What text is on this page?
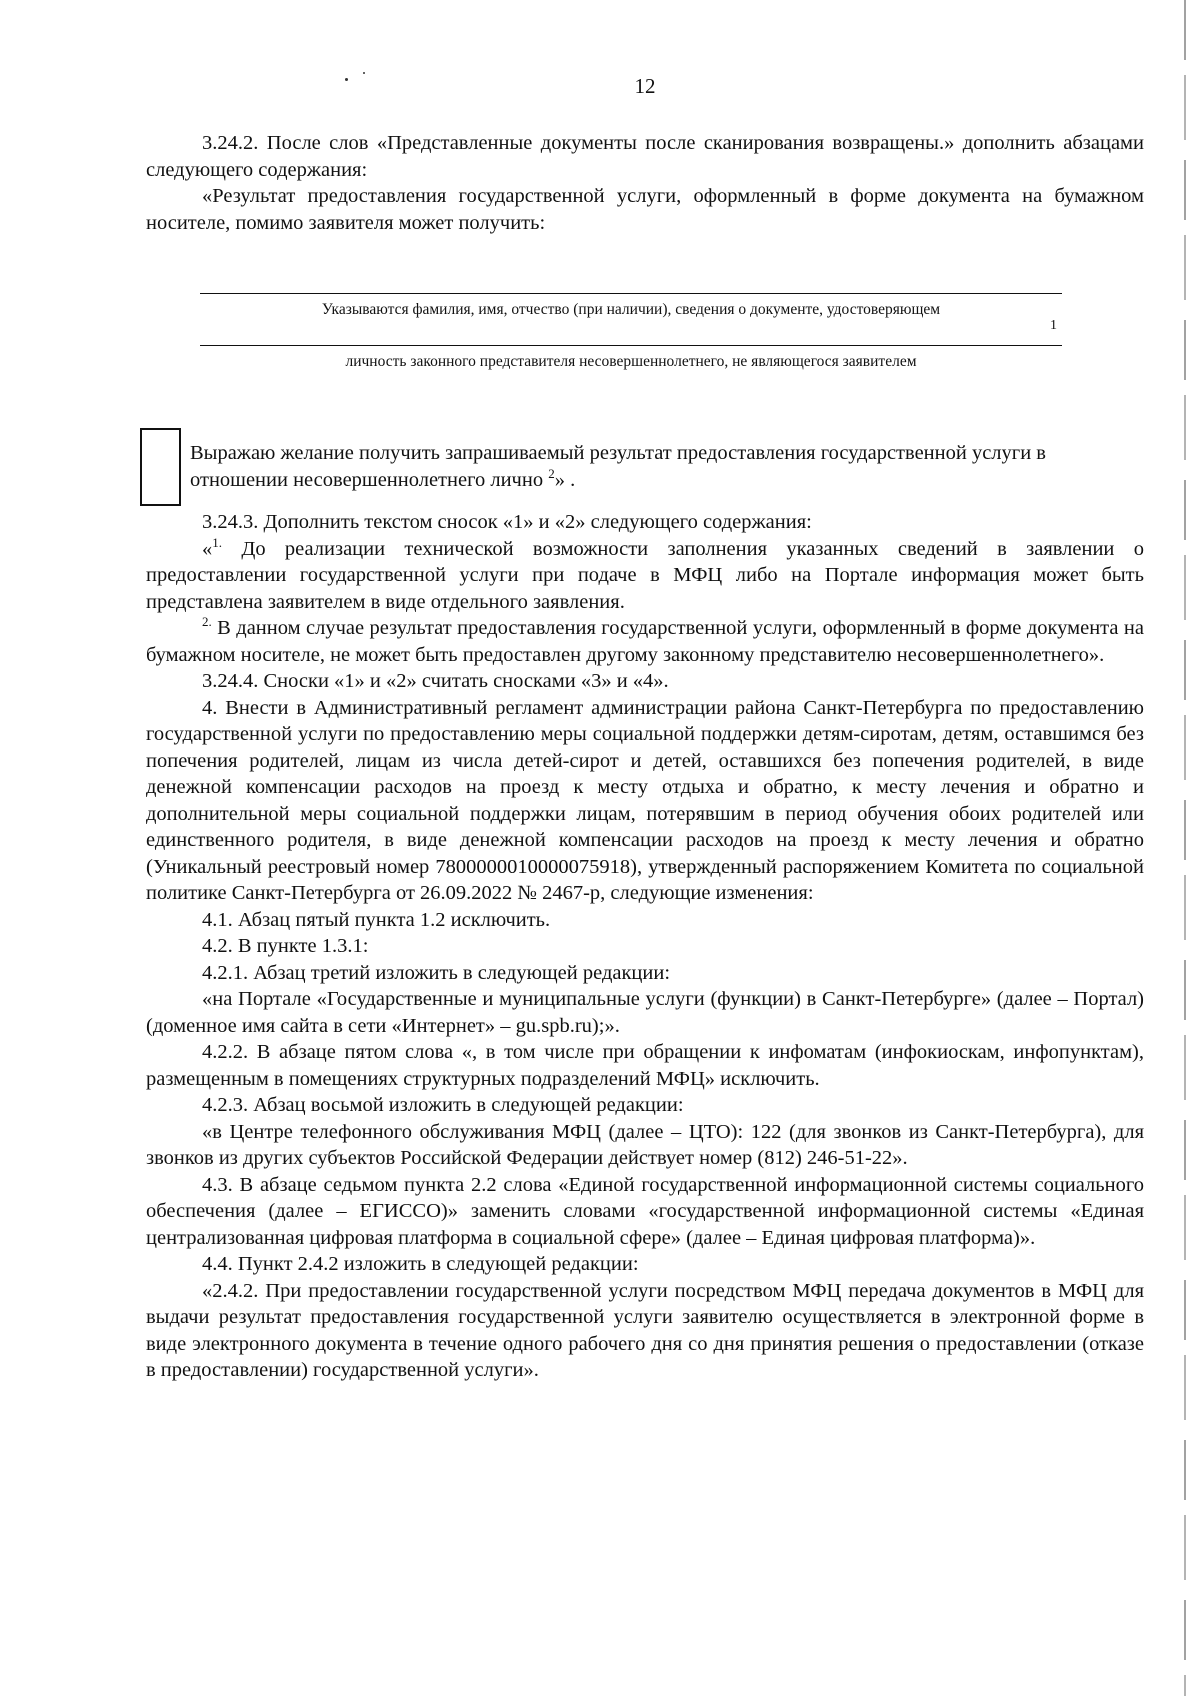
12

3.24.2. После слов «Представленные документы после сканирования возвращены.» дополнить абзацами следующего содержания:

«Результат предоставления государственной услуги, оформленный в форме документа на бумажном носителе, помимо заявителя может получить:

Указываются фамилия, имя, отчество (при наличии), сведения о документе, удостоверяющем
1
личность законного представителя несовершеннолетнего, не являющегося заявителем
Выражаю желание получить запрашиваемый результат предоставления государственной услуги в отношении несовершеннолетнего лично $^2$» .

3.24.3. Дополнить текстом сносок «1» и «2» следующего содержания:

«$^{1.}$ До реализации технической возможности заполнения указанных сведений в заявлении о предоставлении государственной услуги при подаче в МФЦ либо на Портале информация может быть представлена заявителем в виде отдельного заявления.

$^{2.}$ В данном случае результат предоставления государственной услуги, оформленный в форме документа на бумажном носителе, не может быть предоставлен другому законному представителю несовершеннолетнего».

3.24.4. Сноски «1» и «2» считать сносками «3» и «4».

4. Внести в Административный регламент администрации района Санкт-Петербурга по предоставлению государственной услуги по предоставлению меры социальной поддержки детям-сиротам, детям, оставшимся без попечения родителей, лицам из числа детей-сирот и детей, оставшихся без попечения родителей, в виде денежной компенсации расходов на проезд к месту отдыха и обратно, к месту лечения и обратно и дополнительной меры социальной поддержки лицам, потерявшим в период обучения обоих родителей или единственного родителя, в виде денежной компенсации расходов на проезд к месту лечения и обратно (Уникальный реестровый номер 7800000010000075918), утвержденный распоряжением Комитета по социальной политике Санкт-Петербурга от 26.09.2022 № 2467-р, следующие изменения:

4.1. Абзац пятый пункта 1.2 исключить.

4.2. В пункте 1.3.1:

4.2.1. Абзац третий изложить в следующей редакции:

«на Портале «Государственные и муниципальные услуги (функции) в Санкт-Петербурге» (далее – Портал) (доменное имя сайта в сети «Интернет» – gu.spb.ru);».

4.2.2. В абзаце пятом слова «, в том числе при обращении к инфоматам (инфокиоскам, инфопунктам), размещенным в помещениях структурных подразделений МФЦ» исключить.

4.2.3. Абзац восьмой изложить в следующей редакции:

«в Центре телефонного обслуживания МФЦ (далее – ЦТО): 122 (для звонков из Санкт-Петербурга), для звонков из других субъектов Российской Федерации действует номер (812) 246-51-22».

4.3. В абзаце седьмом пункта 2.2 слова «Единой государственной информационной системы социального обеспечения (далее – ЕГИССО)» заменить словами «государственной информационной системы «Единая централизованная цифровая платформа в социальной сфере» (далее – Единая цифровая платформа)».

4.4. Пункт 2.4.2 изложить в следующей редакции:

«2.4.2. При предоставлении государственной услуги посредством МФЦ передача документов в МФЦ для выдачи результат предоставления государственной услуги заявителю осуществляется в электронной форме в виде электронного документа в течение одного рабочего дня со дня принятия решения о предоставлении (отказе в предоставлении) государственной услуги».
